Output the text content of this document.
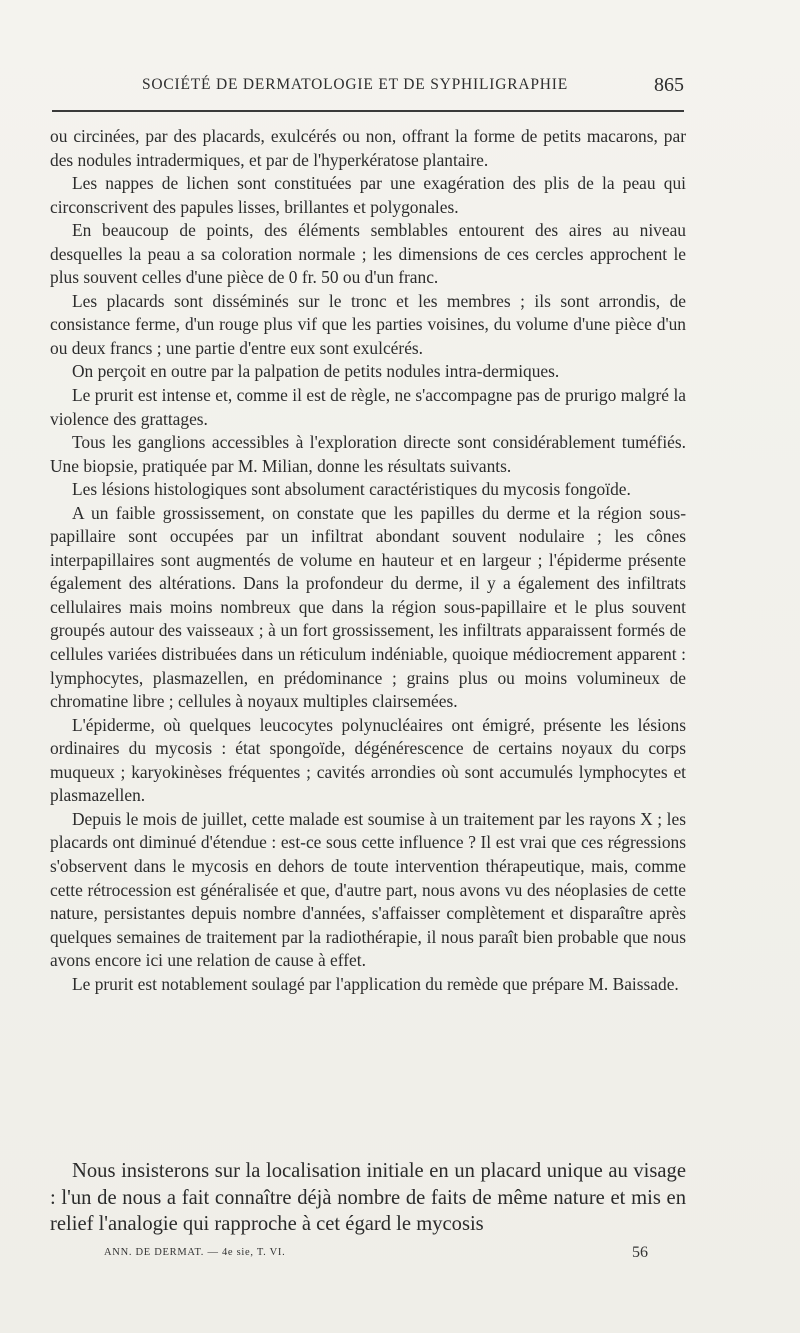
SOCIÉTÉ DE DERMATOLOGIE ET DE SYPHILIGRAPHIE	865

ou circinées, par des placards, exulcérés ou non, offrant la forme de petits macarons, par des nodules intradermiques, et par de l'hyperkératose plantaire.

Les nappes de lichen sont constituées par une exagération des plis de la peau qui circonscrivent des papules lisses, brillantes et polygonales.

En beaucoup de points, des éléments semblables entourent des aires au niveau desquelles la peau a sa coloration normale ; les dimensions de ces cercles approchent le plus souvent celles d'une pièce de 0 fr. 50 ou d'un franc.

Les placards sont disséminés sur le tronc et les membres ; ils sont arrondis, de consistance ferme, d'un rouge plus vif que les parties voisines, du volume d'une pièce d'un ou deux francs ; une partie d'entre eux sont exulcérés.

On perçoit en outre par la palpation de petits nodules intra-dermiques.

Le prurit est intense et, comme il est de règle, ne s'accompagne pas de prurigo malgré la violence des grattages.

Tous les ganglions accessibles à l'exploration directe sont considérablement tuméfiés. Une biopsie, pratiquée par M. Milian, donne les résultats suivants.

Les lésions histologiques sont absolument caractéristiques du mycosis fongoïde.

A un faible grossissement, on constate que les papilles du derme et la région sous-papillaire sont occupées par un infiltrat abondant souvent nodulaire ; les cônes interpapillaires sont augmentés de volume en hauteur et en largeur ; l'épiderme présente également des altérations. Dans la profondeur du derme, il y a également des infiltrats cellulaires mais moins nombreux que dans la région sous-papillaire et le plus souvent groupés autour des vaisseaux ; à un fort grossissement, les infiltrats apparaissent formés de cellules variées distribuées dans un réticulum indéniable, quoique médiocrement apparent : lymphocytes, plasmazellen, en prédominance ; grains plus ou moins volumineux de chromatine libre ; cellules à noyaux multiples clairsemées.

L'épiderme, où quelques leucocytes polynucléaires ont émigré, présente les lésions ordinaires du mycosis : état spongoïde, dégénérescence de certains noyaux du corps muqueux ; karyokinèses fréquentes ; cavités arrondies où sont accumulés lymphocytes et plasmazellen.

Depuis le mois de juillet, cette malade est soumise à un traitement par les rayons X ; les placards ont diminué d'étendue : est-ce sous cette influence ? Il est vrai que ces régressions s'observent dans le mycosis en dehors de toute intervention thérapeutique, mais, comme cette rétrocession est généralisée et que, d'autre part, nous avons vu des néoplasies de cette nature, persistantes depuis nombre d'années, s'affaisser complètement et disparaître après quelques semaines de traitement par la radiothérapie, il nous paraît bien probable que nous avons encore ici une relation de cause à effet.

Le prurit est notablement soulagé par l'application du remède que prépare M. Baissade.

Nous insisterons sur la localisation initiale en un placard unique au visage : l'un de nous a fait connaître déjà nombre de faits de même nature et mis en relief l'analogie qui rapproche à cet égard le mycosis

ANN. DE DERMAT. — 4e sie, T. VI.	56
